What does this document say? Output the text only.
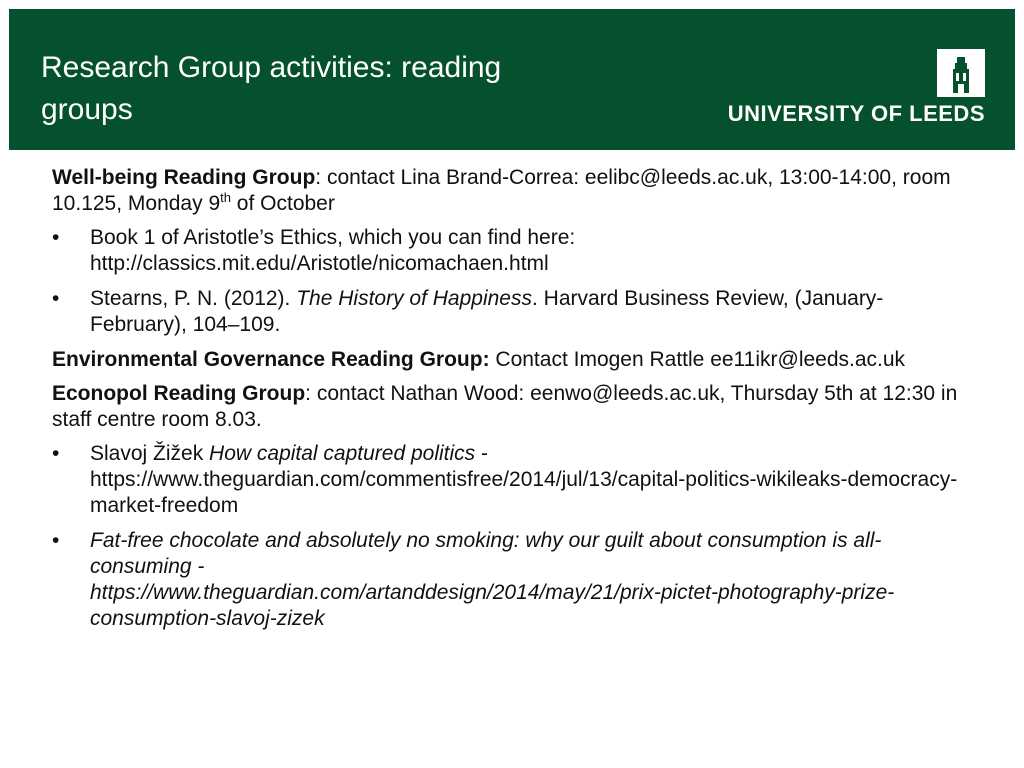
Research Group activities: reading groups	UNIVERSITY OF LEEDS
Well-being Reading Group: contact Lina Brand-Correa: eelibc@leeds.ac.uk, 13:00-14:00, room 10.125, Monday 9th of October
•	Book 1 of Aristotle’s Ethics, which you can find here: http://classics.mit.edu/Aristotle/nicomachaen.html
•	Stearns, P. N. (2012). The History of Happiness. Harvard Business Review, (January-February), 104–109.
Environmental Governance Reading Group: Contact Imogen Rattle ee11ikr@leeds.ac.uk
Econopol Reading Group: contact Nathan Wood: eenwo@leeds.ac.uk, Thursday 5th at 12:30 in staff centre room 8.03.
•	Slavoj Žižek How capital captured politics -
https://www.theguardian.com/commentisfree/2014/jul/13/capital-politics-wikileaks-democracy-market-freedom
•	Fat-free chocolate and absolutely no smoking: why our guilt about consumption is all-consuming -
https://www.theguardian.com/artanddesign/2014/may/21/prix-pictet-photography-prize-consumption-slavoj-zizek
